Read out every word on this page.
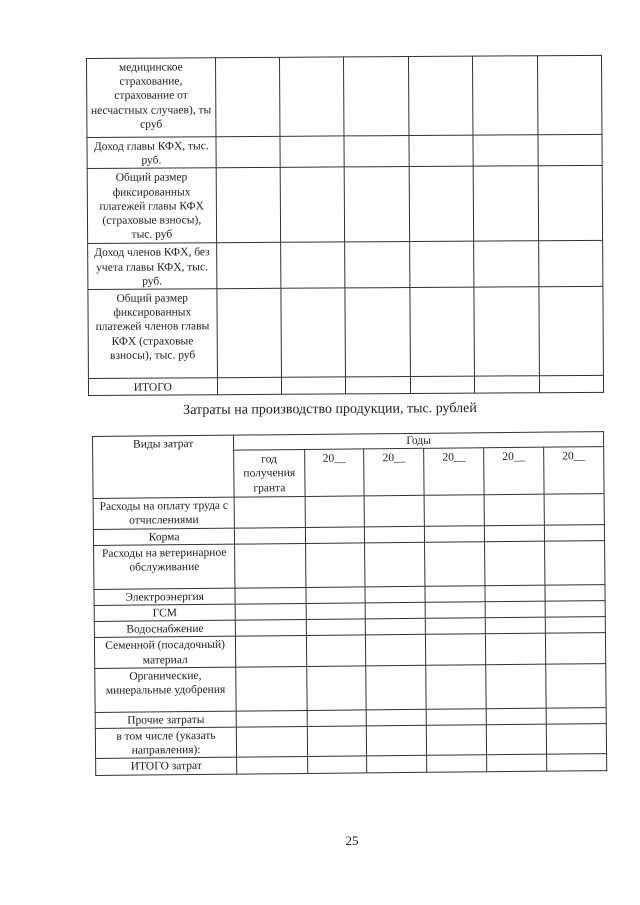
медицинское страхование, страхование от несчастных случаев), ты сруб						
Доход главы КФХ, тыс. руб.						
Общий размер фиксированных платежей главы КФХ (страховые взносы), тыс. руб						
Доход членов КФХ, без учета главы КФХ, тыс. руб.						
Общий размер фиксированных платежей членов главы КФХ (страховые взносы), тыс. руб						
ИТОГО						
Затраты на производство продукции, тыс. рублей
Виды затрат	Годы					
	год получения гранта	20__	20__	20__	20__	20__
Расходы на оплату труда с отчислениями						
Корма						
Расходы на ветеринарное обслуживание						
Электроэнергия						
ГСМ						
Водоснабжение						
Семенной (посадочный) материал						
Органические, минеральные удобрения						
Прочие затраты						
в том числе (указать направления):						
ИТОГО затрат						
25
